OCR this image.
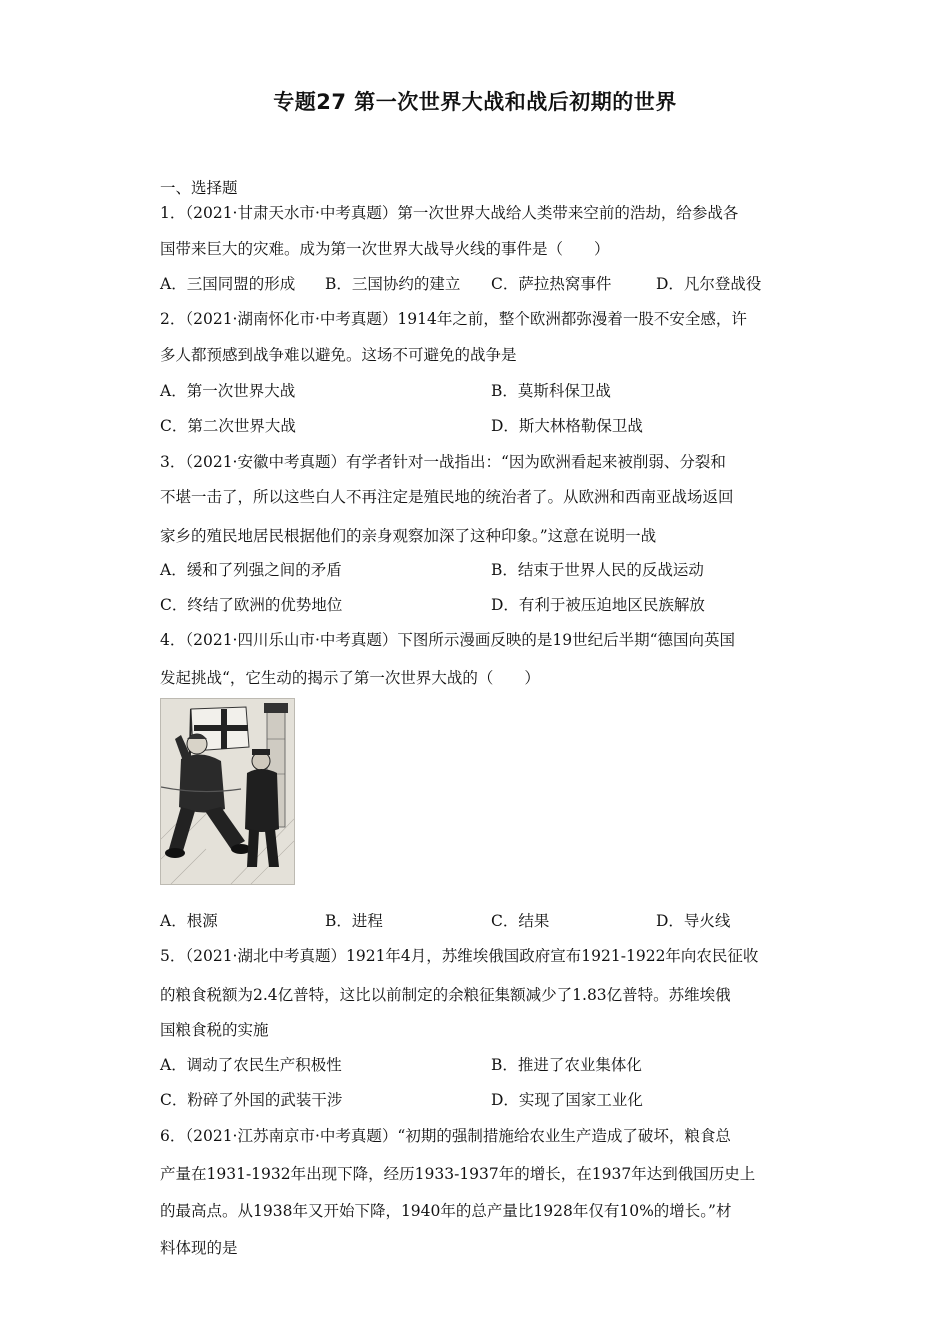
专题27 第一次世界大战和战后初期的世界
一、选择题
1．（2021·甘肃天水市·中考真题）第一次世界大战给人类带来空前的浩劫，给参战各
国带来巨大的灾难。成为第一次世界大战导火线的事件是（　　）
A．三国同盟的形成 B．三国协约的建立 C．萨拉热窝事件	D．凡尔登战役
2．（2021·湖南怀化市·中考真题）1914年之前，整个欧洲都弥漫着一股不安全感，许
多人都预感到战争难以避免。这场不可避免的战争是
A．第一次世界大战	B．莫斯科保卫战
C．第二次世界大战	D．斯大林格勒保卫战
3．（2021·安徽中考真题）有学者针对一战指出：“因为欧洲看起来被削弱、分裂和
不堪一击了，所以这些白人不再注定是殖民地的统治者了。从欧洲和西南亚战场返回
家乡的殖民地居民根据他们的亲身观察加深了这种印象。”这意在说明一战
A．缓和了列强之间的矛盾	B．结束于世界人民的反战运动
C．终结了欧洲的优势地位	D．有利于被压迫地区民族解放
4．（2021·四川乐山市·中考真题）下图所示漫画反映的是19世纪后半期“德国向英国
发起挑战“，它生动的揭示了第一次世界大战的（　　）
A．根源	B．进程	C．结果	D．导火线
5．（2021·湖北中考真题）1921年4月，苏维埃俄国政府宣布1921-1922年向农民征收
的粮食税额为2.4亿普特，这比以前制定的余粮征集额减少了1.83亿普特。苏维埃俄
国粮食税的实施
A．调动了农民生产积极性	B．推进了农业集体化
C．粉碎了外国的武装干涉	D．实现了国家工业化
6．（2021·江苏南京市·中考真题）“初期的强制措施给农业生产造成了破坏，粮食总
产量在1931-1932年出现下降，经历1933-1937年的增长，在1937年达到俄国历史上
的最高点。从1938年又开始下降，1940年的总产量比1928年仅有10%的增长。”材
料体现的是
